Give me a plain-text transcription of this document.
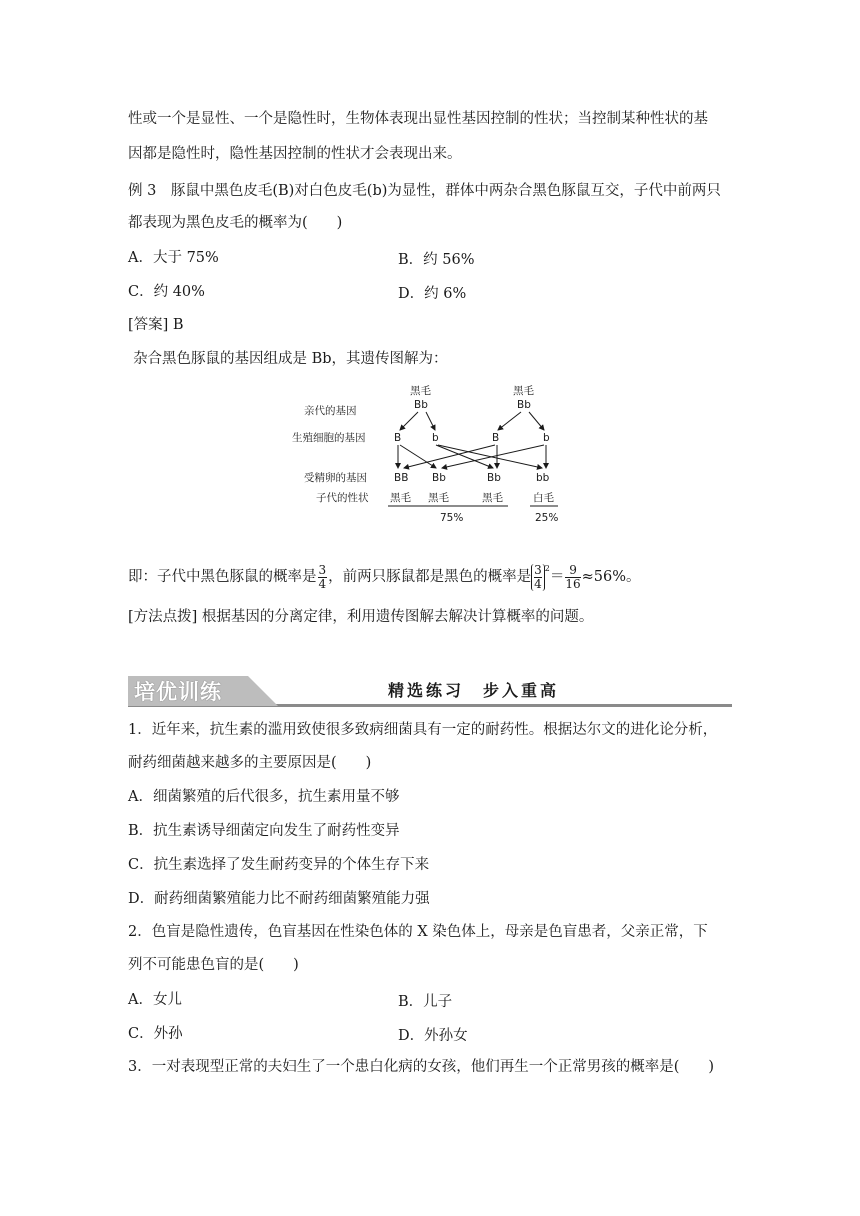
性或一个是显性、一个是隐性时，生物体表现出显性基因控制的性状；当控制某种性状的基
因都是隐性时，隐性基因控制的性状才会表现出来。
例 3　豚鼠中黑色皮毛(B)对白色皮毛(b)为显性，群体中两杂合黑色豚鼠互交，子代中前两只
都表现为黑色皮毛的概率为(　　)
A．大于 75%	B．约 56%
C．约 40%	D．约 6%
[答案] B
杂合黑色豚鼠的基因组成是 Bb，其遗传图解为：
亲代的基因
生殖细胞的基因
受精卵的基因
子代的性状
黑毛
Bb
黑毛
Bb
B	b	B	b
BB Bb	Bb	bb
黑毛 黑毛	黑毛	白毛
75%	25%
即：子代中黑色豚鼠的概率是 $\frac{3}{4}$ ，前两只豚鼠都是黑色的概率是 $\frac{3}{4}^2= \frac{9}{16} \approx 56\%$。
[方法点拨] 根据基因的分离定律，利用遗传图解去解决计算概率的问题。
培优训练	精选练习　步入重高
1．近年来，抗生素的滥用致使很多致病细菌具有一定的耐药性。根据达尔文的进化论分析，
耐药细菌越来越多的主要原因是(　　)
A．细菌繁殖的后代很多，抗生素用量不够
B．抗生素诱导细菌定向发生了耐药性变异
C．抗生素选择了发生耐药变异的个体生存下来
D．耐药细菌繁殖能力比不耐药细菌繁殖能力强
2．色盲是隐性遗传，色盲基因在性染色体的 X 染色体上，母亲是色盲患者，父亲正常，下
列不可能患色盲的是(　　)
A．女儿	B．儿子
C．外孙	D．外孙女
3．一对表现型正常的夫妇生了一个患白化病的女孩，他们再生一个正常男孩的概率是(　　)
